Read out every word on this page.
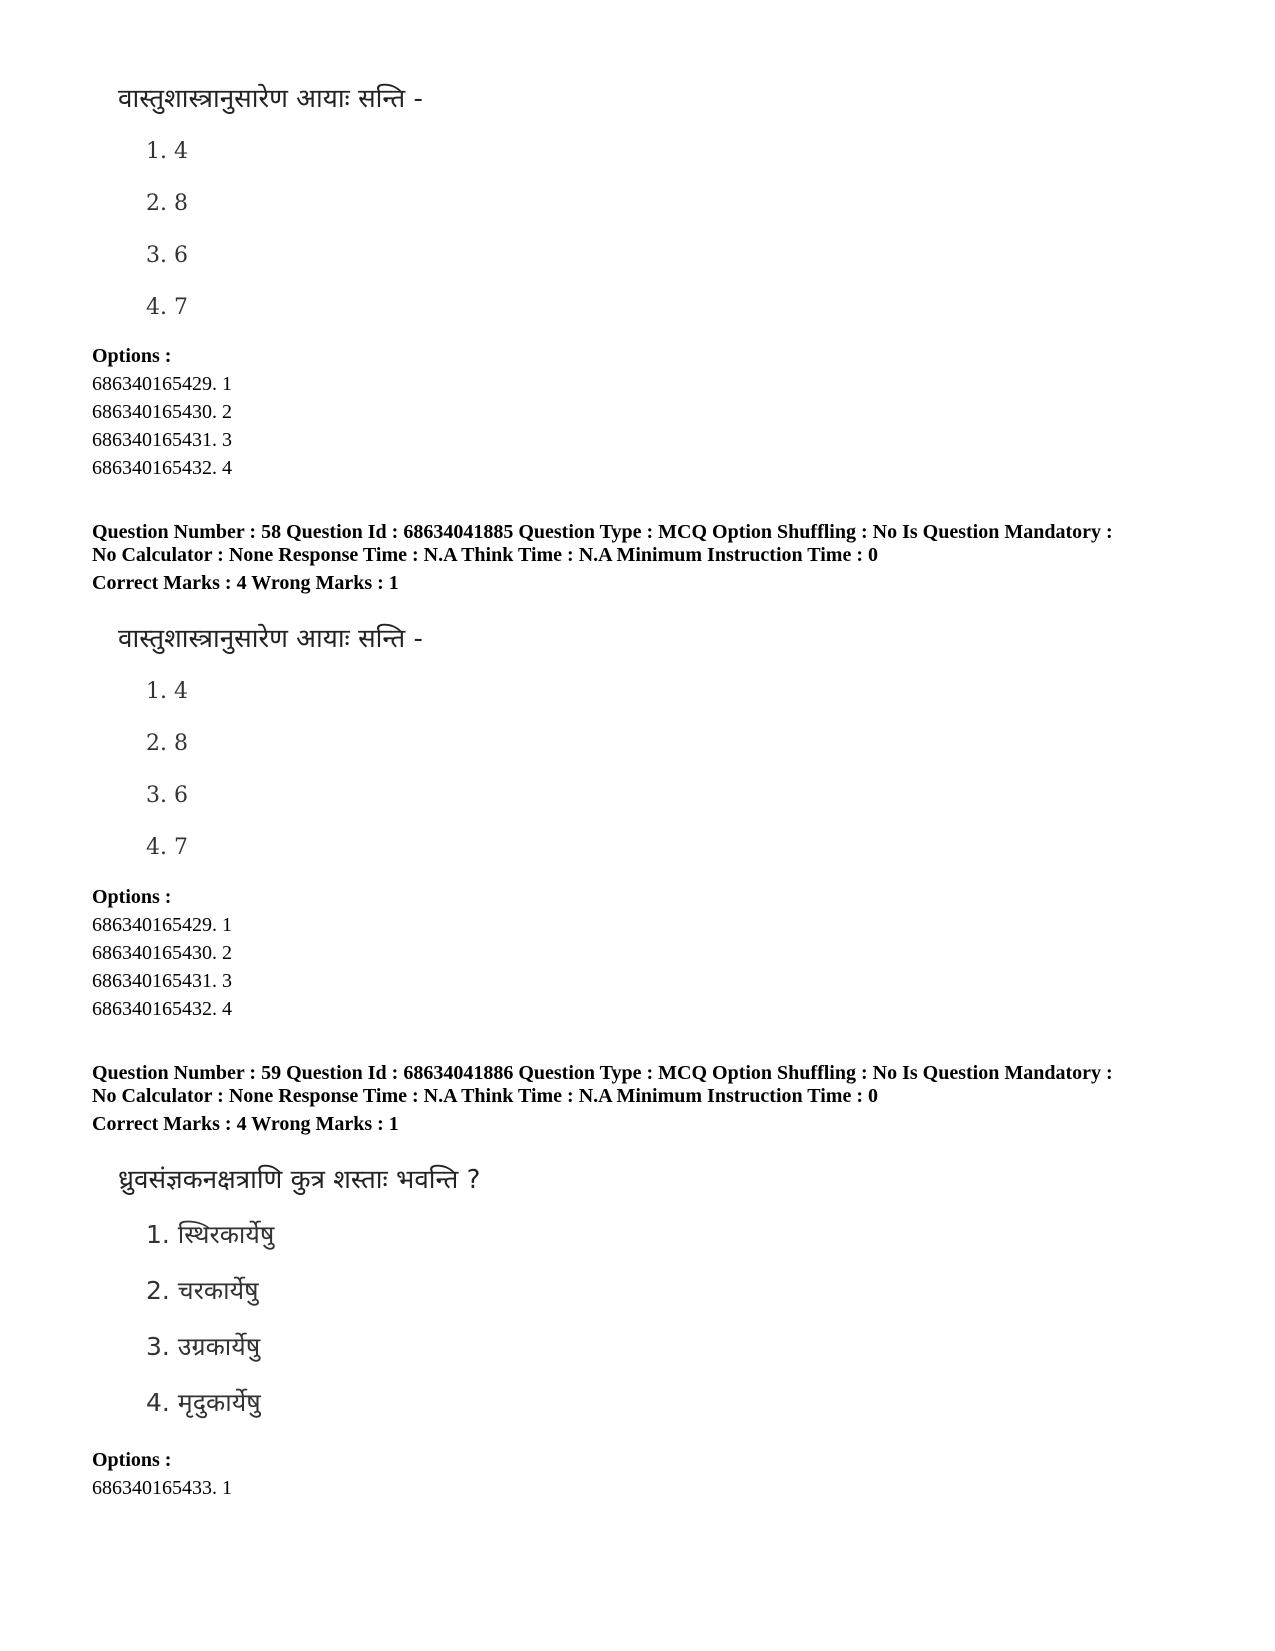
वास्तुशास्त्रानुसारेण आयाः सन्ति -
1. 4
2. 8
3. 6
4. 7
Options :
686340165429. 1
686340165430. 2
686340165431. 3
686340165432. 4
Question Number : 58 Question Id : 68634041885 Question Type : MCQ Option Shuffling : No Is Question Mandatory :
No Calculator : None Response Time : N.A Think Time : N.A Minimum Instruction Time : 0
Correct Marks : 4 Wrong Marks : 1
वास्तुशास्त्रानुसारेण आयाः सन्ति -
1. 4
2. 8
3. 6
4. 7
Options :
686340165429. 1
686340165430. 2
686340165431. 3
686340165432. 4
Question Number : 59 Question Id : 68634041886 Question Type : MCQ Option Shuffling : No Is Question Mandatory :
No Calculator : None Response Time : N.A Think Time : N.A Minimum Instruction Time : 0
Correct Marks : 4 Wrong Marks : 1
ध्रुवसंज्ञकनक्षत्राणि कुत्र शस्ताः भवन्ति ?
1. स्थिरकार्येषु
2. चरकार्येषु
3. उग्रकार्येषु
4. मृदुकार्येषु
Options :
686340165433. 1
